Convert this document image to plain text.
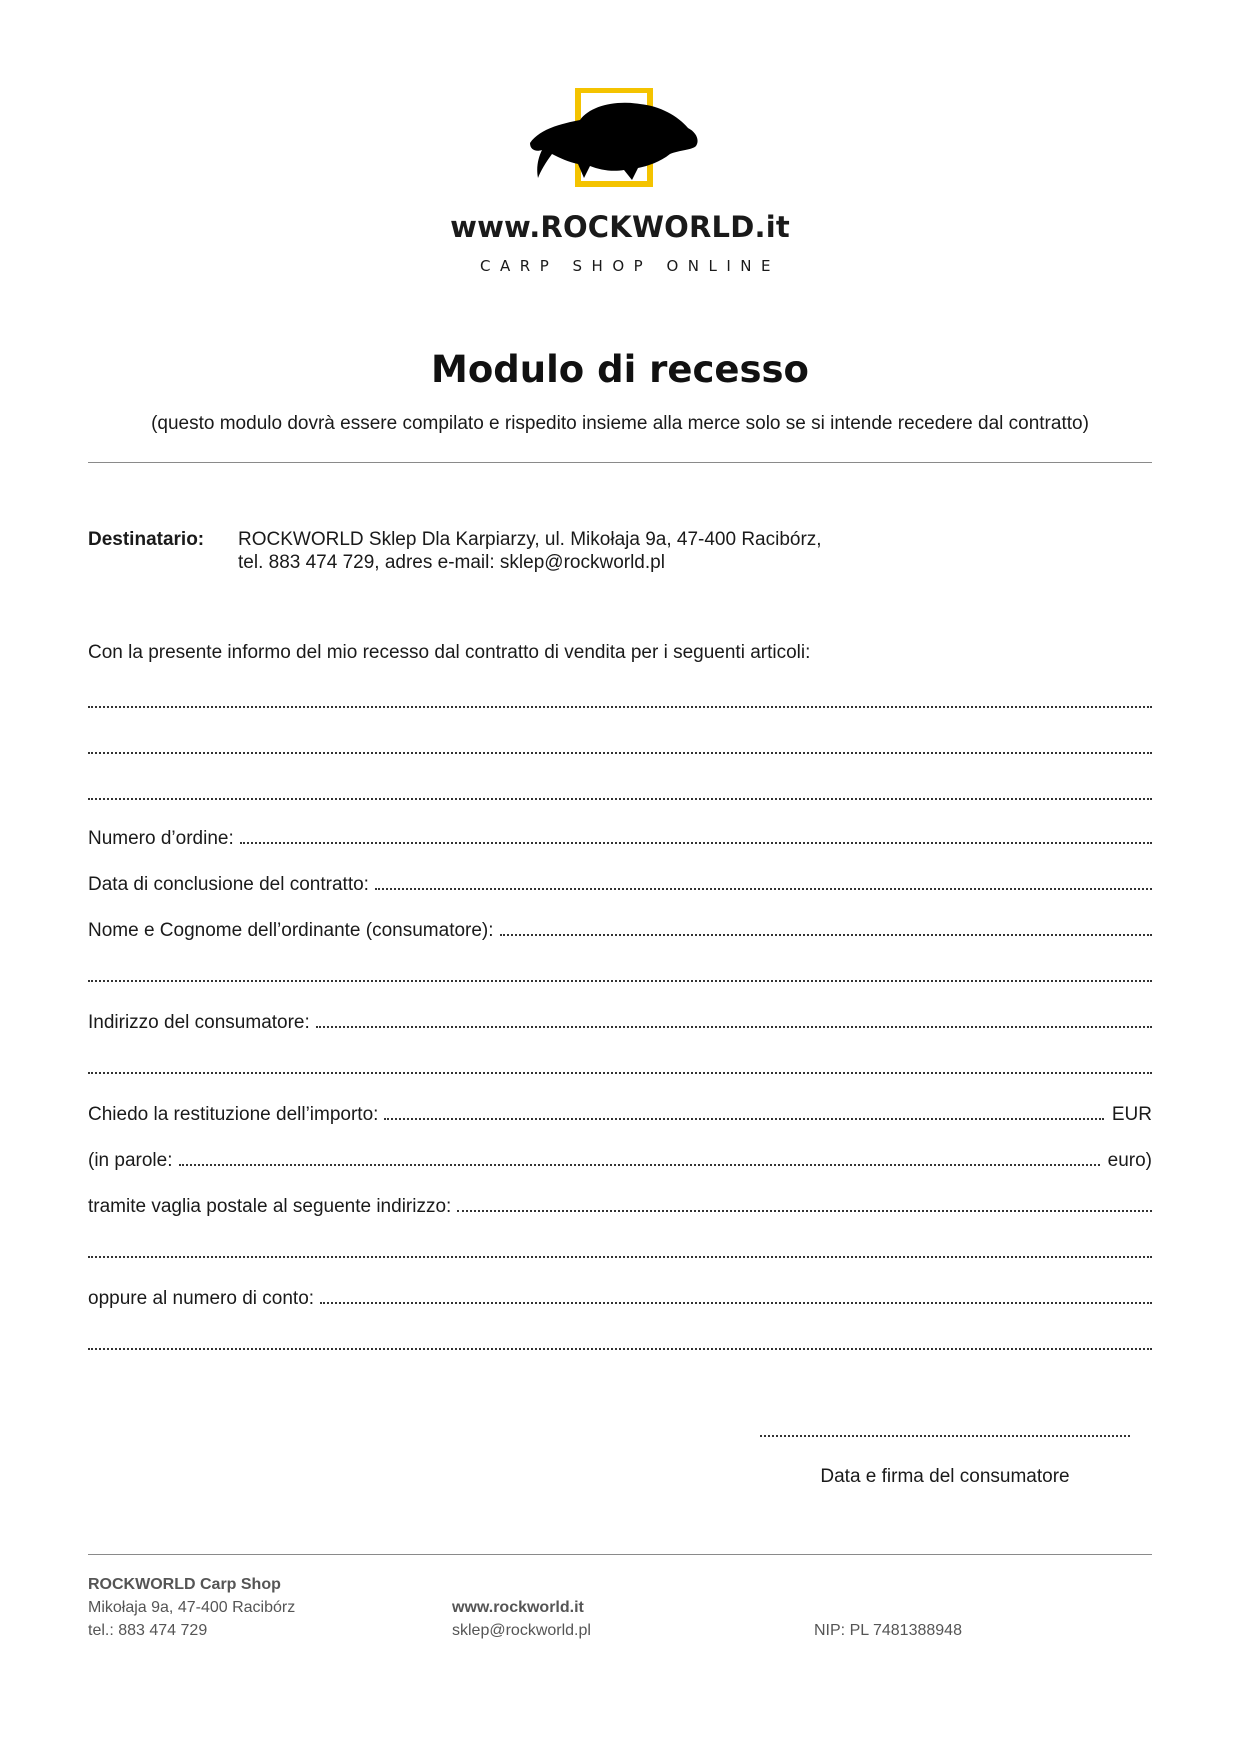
www.ROCKWORLD.it
CARP SHOP ONLINE
Modulo di recesso
(questo modulo dovrà essere compilato e rispedito insieme alla merce solo se si intende recedere dal contratto)
Destinatario: ROCKWORLD Sklep Dla Karpiarzy, ul. Mikołaja 9a, 47-400 Racibórz,
tel. 883 474 729, adres e-mail: sklep@rockworld.pl
Con la presente informo del mio recesso dal contratto di vendita per i seguenti articoli:
Numero d’ordine:
Data di conclusione del contratto:
Nome e Cognome dell’ordinante (consumatore):
Indirizzo del consumatore:
Chiedo la restituzione dell’importo:	EUR
(in parole:	euro)
tramite vaglia postale al seguente indirizzo:
oppure al numero di conto:
Data e firma del consumatore
ROCKWORLD Carp Shop
Mikołaja 9a, 47-400 Racibórz
tel.: 883 474 729
www.rockworld.it
sklep@rockworld.pl	NIP: PL 7481388948
